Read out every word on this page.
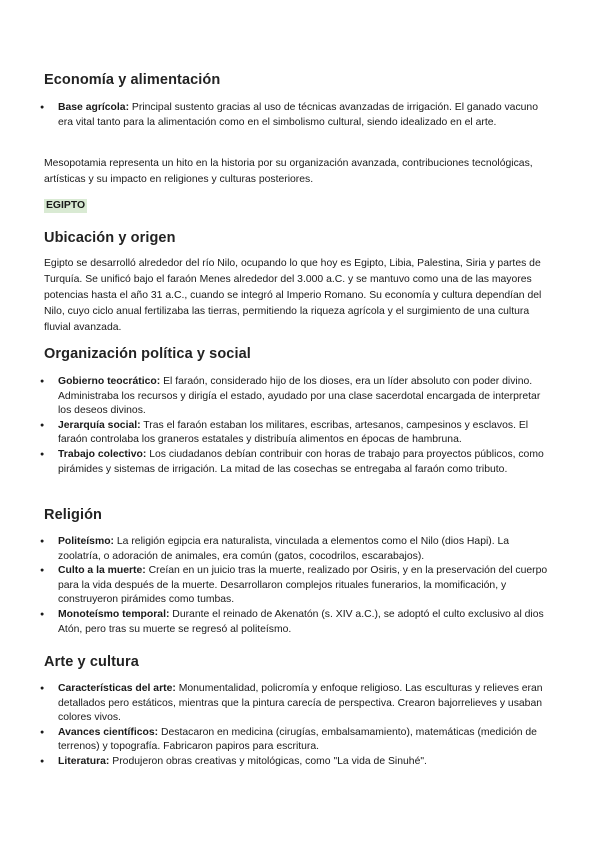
Economía y alimentación
● Base agrícola: Principal sustento gracias al uso de técnicas avanzadas de irrigación. El ganado vacuno era vital tanto para la alimentación como en el simbolismo cultural, siendo idealizado en el arte.

Mesopotamia representa un hito en la historia por su organización avanzada, contribuciones tecnológicas, artísticas y su impacto en religiones y culturas posteriores.

EGIPTO
Ubicación y origen

Egipto se desarrolló alrededor del río Nilo, ocupando lo que hoy es Egipto, Libia, Palestina, Siria y partes de Turquía. Se unificó bajo el faraón Menes alrededor del 3.000 a.C. y se mantuvo como una de las mayores potencias hasta el año 31 a.C., cuando se integró al Imperio Romano. Su economía y cultura dependían del Nilo, cuyo ciclo anual fertilizaba las tierras, permitiendo la riqueza agrícola y el surgimiento de una cultura fluvial avanzada.

Organización política y social
● Gobierno teocrático: El faraón, considerado hijo de los dioses, era un líder absoluto con poder divino. Administraba los recursos y dirigía el estado, ayudado por una clase sacerdotal encargada de interpretar los deseos divinos.
● Jerarquía social: Tras el faraón estaban los militares, escribas, artesanos, campesinos y esclavos. El faraón controlaba los graneros estatales y distribuía alimentos en épocas de hambruna.
● Trabajo colectivo: Los ciudadanos debían contribuir con horas de trabajo para proyectos públicos, como pirámides y sistemas de irrigación. La mitad de las cosechas se entregaba al faraón como tributo.
Religión
● Politeísmo: La religión egipcia era naturalista, vinculada a elementos como el Nilo (dios Hapi). La zoolatría, o adoración de animales, era común (gatos, cocodrilos, escarabajos).
● Culto a la muerte: Creían en un juicio tras la muerte, realizado por Osiris, y en la preservación del cuerpo para la vida después de la muerte. Desarrollaron complejos rituales funerarios, la momificación, y construyeron pirámides como tumbas.
● Monoteísmo temporal: Durante el reinado de Akenatón (s. XIV a.C.), se adoptó el culto exclusivo al dios Atón, pero tras su muerte se regresó al politeísmo.
Arte y cultura
● Características del arte: Monumentalidad, policromía y enfoque religioso. Las esculturas y relieves eran detallados pero estáticos, mientras que la pintura carecía de perspectiva. Crearon bajorrelieves y usaban colores vivos.
● Avances científicos: Destacaron en medicina (cirugías, embalsamamiento), matemáticas (medición de terrenos) y topografía. Fabricaron papiros para escritura.
● Literatura: Produjeron obras creativas y mitológicas, como "La vida de Sinuhé".
